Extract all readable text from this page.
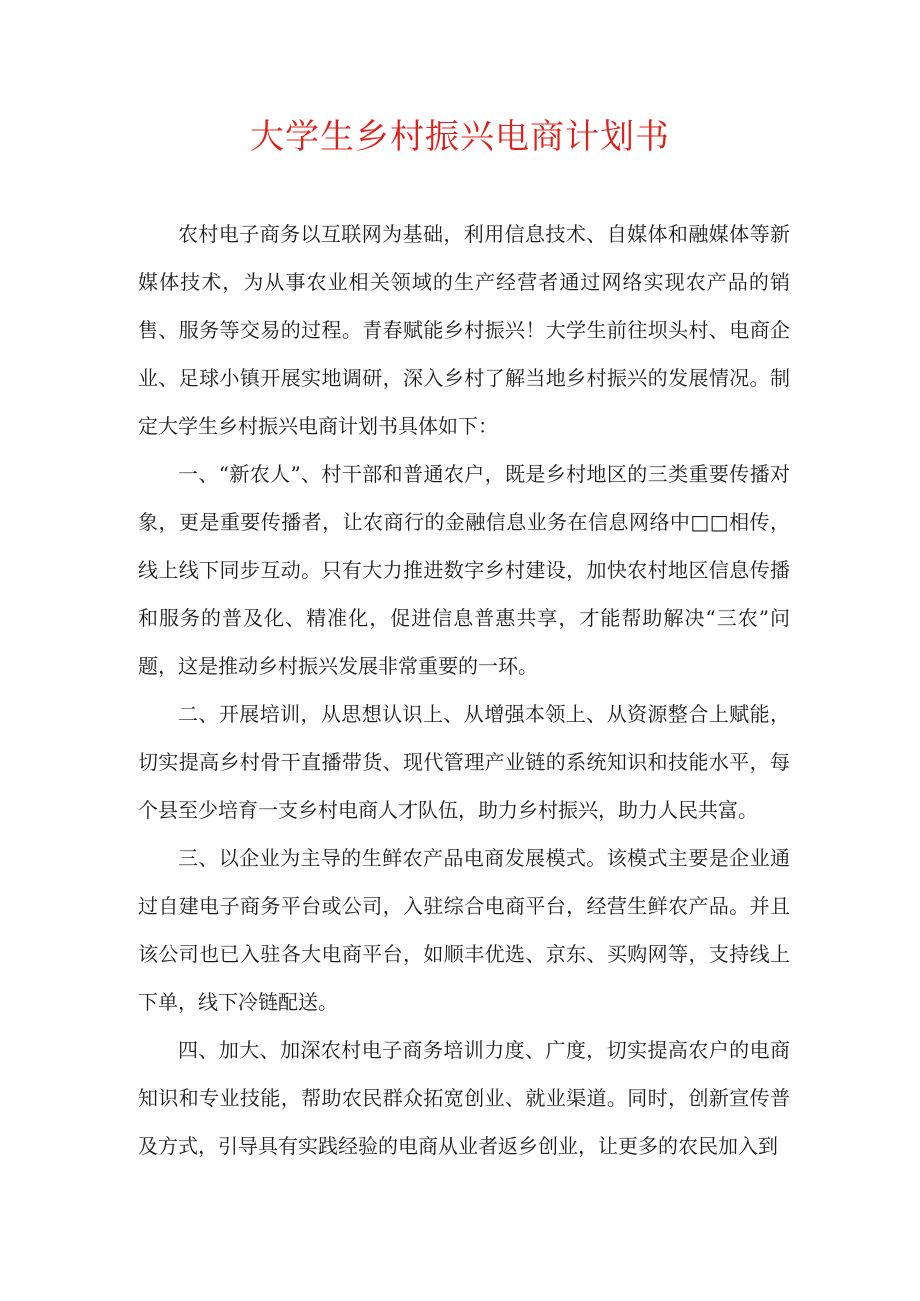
大学生乡村振兴电商计划书

农村电子商务以互联网为基础，利用信息技术、自媒体和融媒体等新媒体技术，为从事农业相关领域的生产经营者通过网络实现农产品的销售、服务等交易的过程。青春赋能乡村振兴！大学生前往坝头村、电商企业、足球小镇开展实地调研，深入乡村了解当地乡村振兴的发展情况。制定大学生乡村振兴电商计划书具体如下：

一、“新农人”、村干部和普通农户，既是乡村地区的三类重要传播对象，更是重要传播者，让农商行的金融信息业务在信息网络中□□相传，线上线下同步互动。只有大力推进数字乡村建设，加快农村地区信息传播和服务的普及化、精准化，促进信息普惠共享，才能帮助解决“三农”问题，这是推动乡村振兴发展非常重要的一环。

二、开展培训，从思想认识上、从增强本领上、从资源整合上赋能，切实提高乡村骨干直播带货、现代管理产业链的系统知识和技能水平，每个县至少培育一支乡村电商人才队伍，助力乡村振兴，助力人民共富。

三、以企业为主导的生鲜农产品电商发展模式。该模式主要是企业通过自建电子商务平台或公司，入驻综合电商平台，经营生鲜农产品。并且该公司也已入驻各大电商平台，如顺丰优选、京东、买购网等，支持线上下单，线下冷链配送。

四、加大、加深农村电子商务培训力度、广度，切实提高农户的电商知识和专业技能，帮助农民群众拓宽创业、就业渠道。同时，创新宣传普及方式，引导具有实践经验的电商从业者返乡创业，让更多的农民加入到
